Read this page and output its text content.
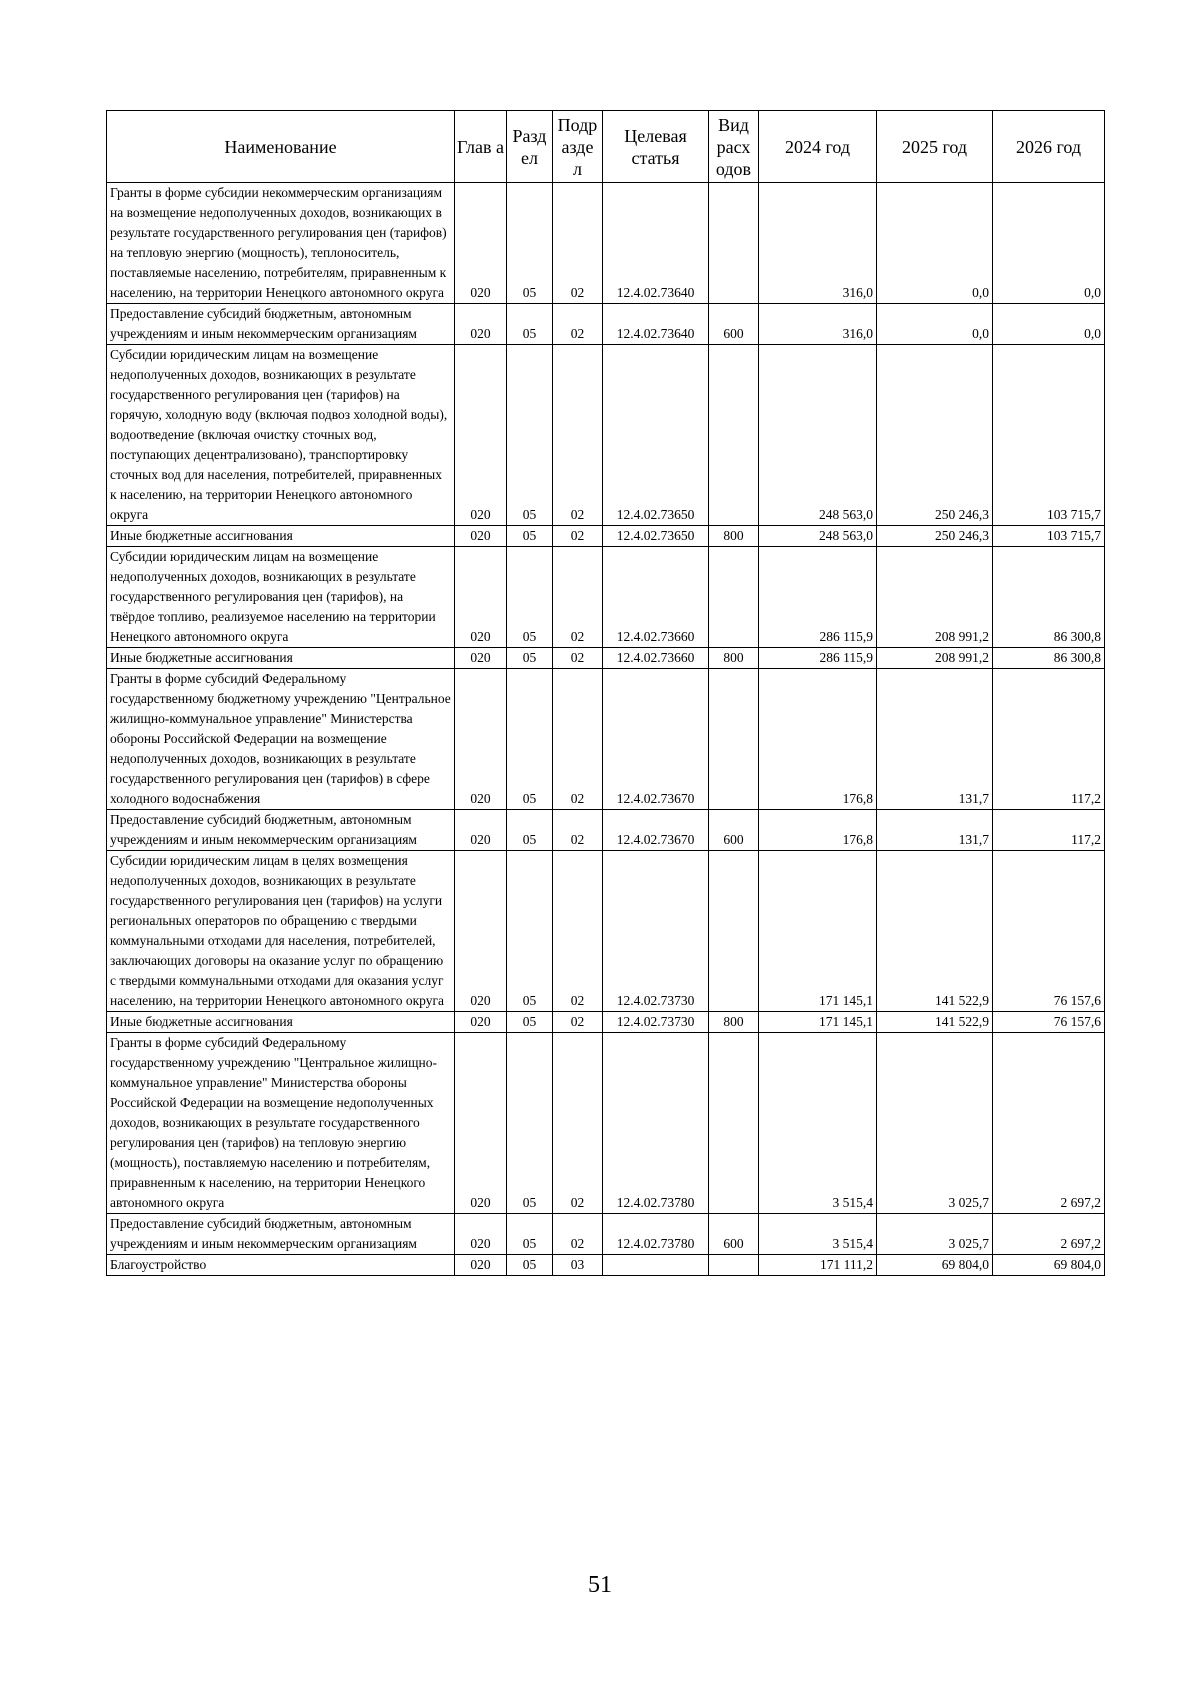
Наименование	Глав а	Разд ел	Подр азде л	Целевая статья	Вид расх одов	2024 год	2025 год	2026 год
Гранты в форме субсидии некоммерческим организациям на возмещение недополученных доходов, возникающих в результате государственного регулирования цен (тарифов) на тепловую энергию (мощность), теплоноситель, поставляемые населению, потребителям, приравненным к населению, на территории Ненецкого автономного округа	020	05	02	12.4.02.73640		316,0	0,0	0,0
Предоставление субсидий бюджетным, автономным учреждениям и иным некоммерческим организациям	020	05	02	12.4.02.73640	600	316,0	0,0	0,0
Субсидии юридическим лицам на возмещение недополученных доходов, возникающих в результате государственного регулирования цен (тарифов) на горячую, холодную воду (включая подвоз холодной воды), водоотведение (включая очистку сточных вод, поступающих децентрализовано), транспортировку сточных вод для населения, потребителей, приравненных к населению, на территории Ненецкого автономного округа	020	05	02	12.4.02.73650		248 563,0	250 246,3	103 715,7
Иные бюджетные ассигнования	020	05	02	12.4.02.73650	800	248 563,0	250 246,3	103 715,7
Субсидии юридическим лицам на возмещение недополученных доходов, возникающих в результате государственного регулирования цен (тарифов), на твёрдое топливо, реализуемое населению на территории Ненецкого автономного округа	020	05	02	12.4.02.73660		286 115,9	208 991,2	86 300,8
Иные бюджетные ассигнования	020	05	02	12.4.02.73660	800	286 115,9	208 991,2	86 300,8
Гранты в форме субсидий Федеральному государственному бюджетному учреждению "Центральное жилищно-коммунальное управление" Министерства обороны Российской Федерации на возмещение недополученных доходов, возникающих в результате государственного регулирования цен (тарифов) в сфере холодного водоснабжения	020	05	02	12.4.02.73670		176,8	131,7	117,2
Предоставление субсидий бюджетным, автономным учреждениям и иным некоммерческим организациям	020	05	02	12.4.02.73670	600	176,8	131,7	117,2
Субсидии юридическим лицам в целях возмещения недополученных доходов, возникающих в результате государственного регулирования цен (тарифов) на услуги региональных операторов по обращению с твердыми коммунальными отходами для населения, потребителей, заключающих договоры на оказание услуг по обращению с твердыми коммунальными отходами для оказания услуг населению, на территории Ненецкого автономного округа	020	05	02	12.4.02.73730		171 145,1	141 522,9	76 157,6
Иные бюджетные ассигнования	020	05	02	12.4.02.73730	800	171 145,1	141 522,9	76 157,6
Гранты в форме субсидий Федеральному государственному учреждению "Центральное жилищно-коммунальное управление" Министерства обороны Российской Федерации на возмещение недополученных доходов, возникающих в результате государственного регулирования цен (тарифов) на тепловую энергию (мощность), поставляемую населению и потребителям, приравненным к населению, на территории Ненецкого автономного округа	020	05	02	12.4.02.73780		3 515,4	3 025,7	2 697,2
Предоставление субсидий бюджетным, автономным учреждениям и иным некоммерческим организациям	020	05	02	12.4.02.73780	600	3 515,4	3 025,7	2 697,2
Благоустройство	020	05	03			171 111,2	69 804,0	69 804,0
51
